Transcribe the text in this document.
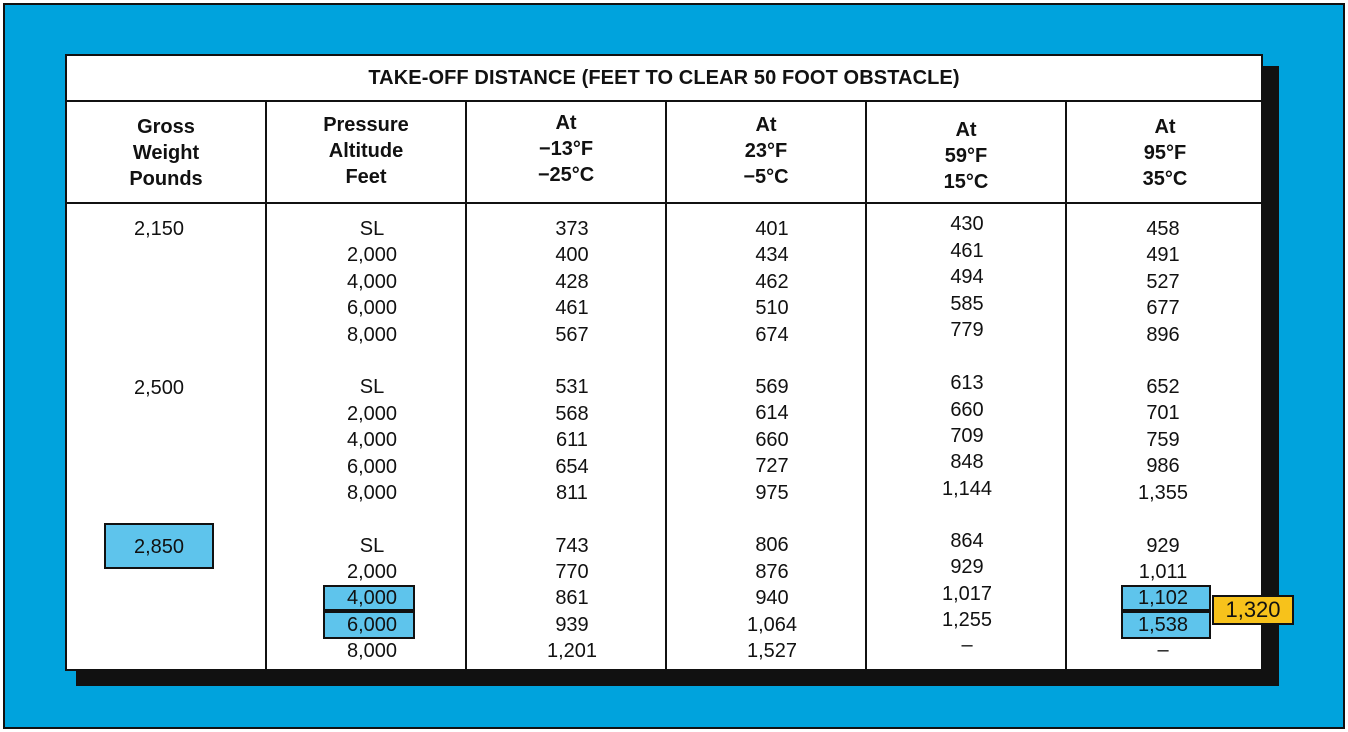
TAKE-OFF DISTANCE (FEET TO CLEAR 50 FOOT OBSTACLE)
Gross
Weight
Pounds
Pressure
Altitude
Feet
At
−13°F
−25°C
At
23°F
−5°C
At
59°F
15°C
At
95°F
35°C
2,150
2,500
2,850
SL
2,000
4,000
6,000
8,000
SL
2,000
4,000
6,000
8,000
SL
2,000
4,000
6,000
8,000
373
400
428
461
567
531
568
611
654
811
743
770
861
939
1,201
401
434
462
510
674
569
614
660
727
975
806
876
940
1,064
1,527
430
461
494
585
779
613
660
709
848
1,144
864
929
1,017
1,255
–
458
491
527
677
896
652
701
759
986
1,355
929
1,011
1,102
1,538
–
1,320
